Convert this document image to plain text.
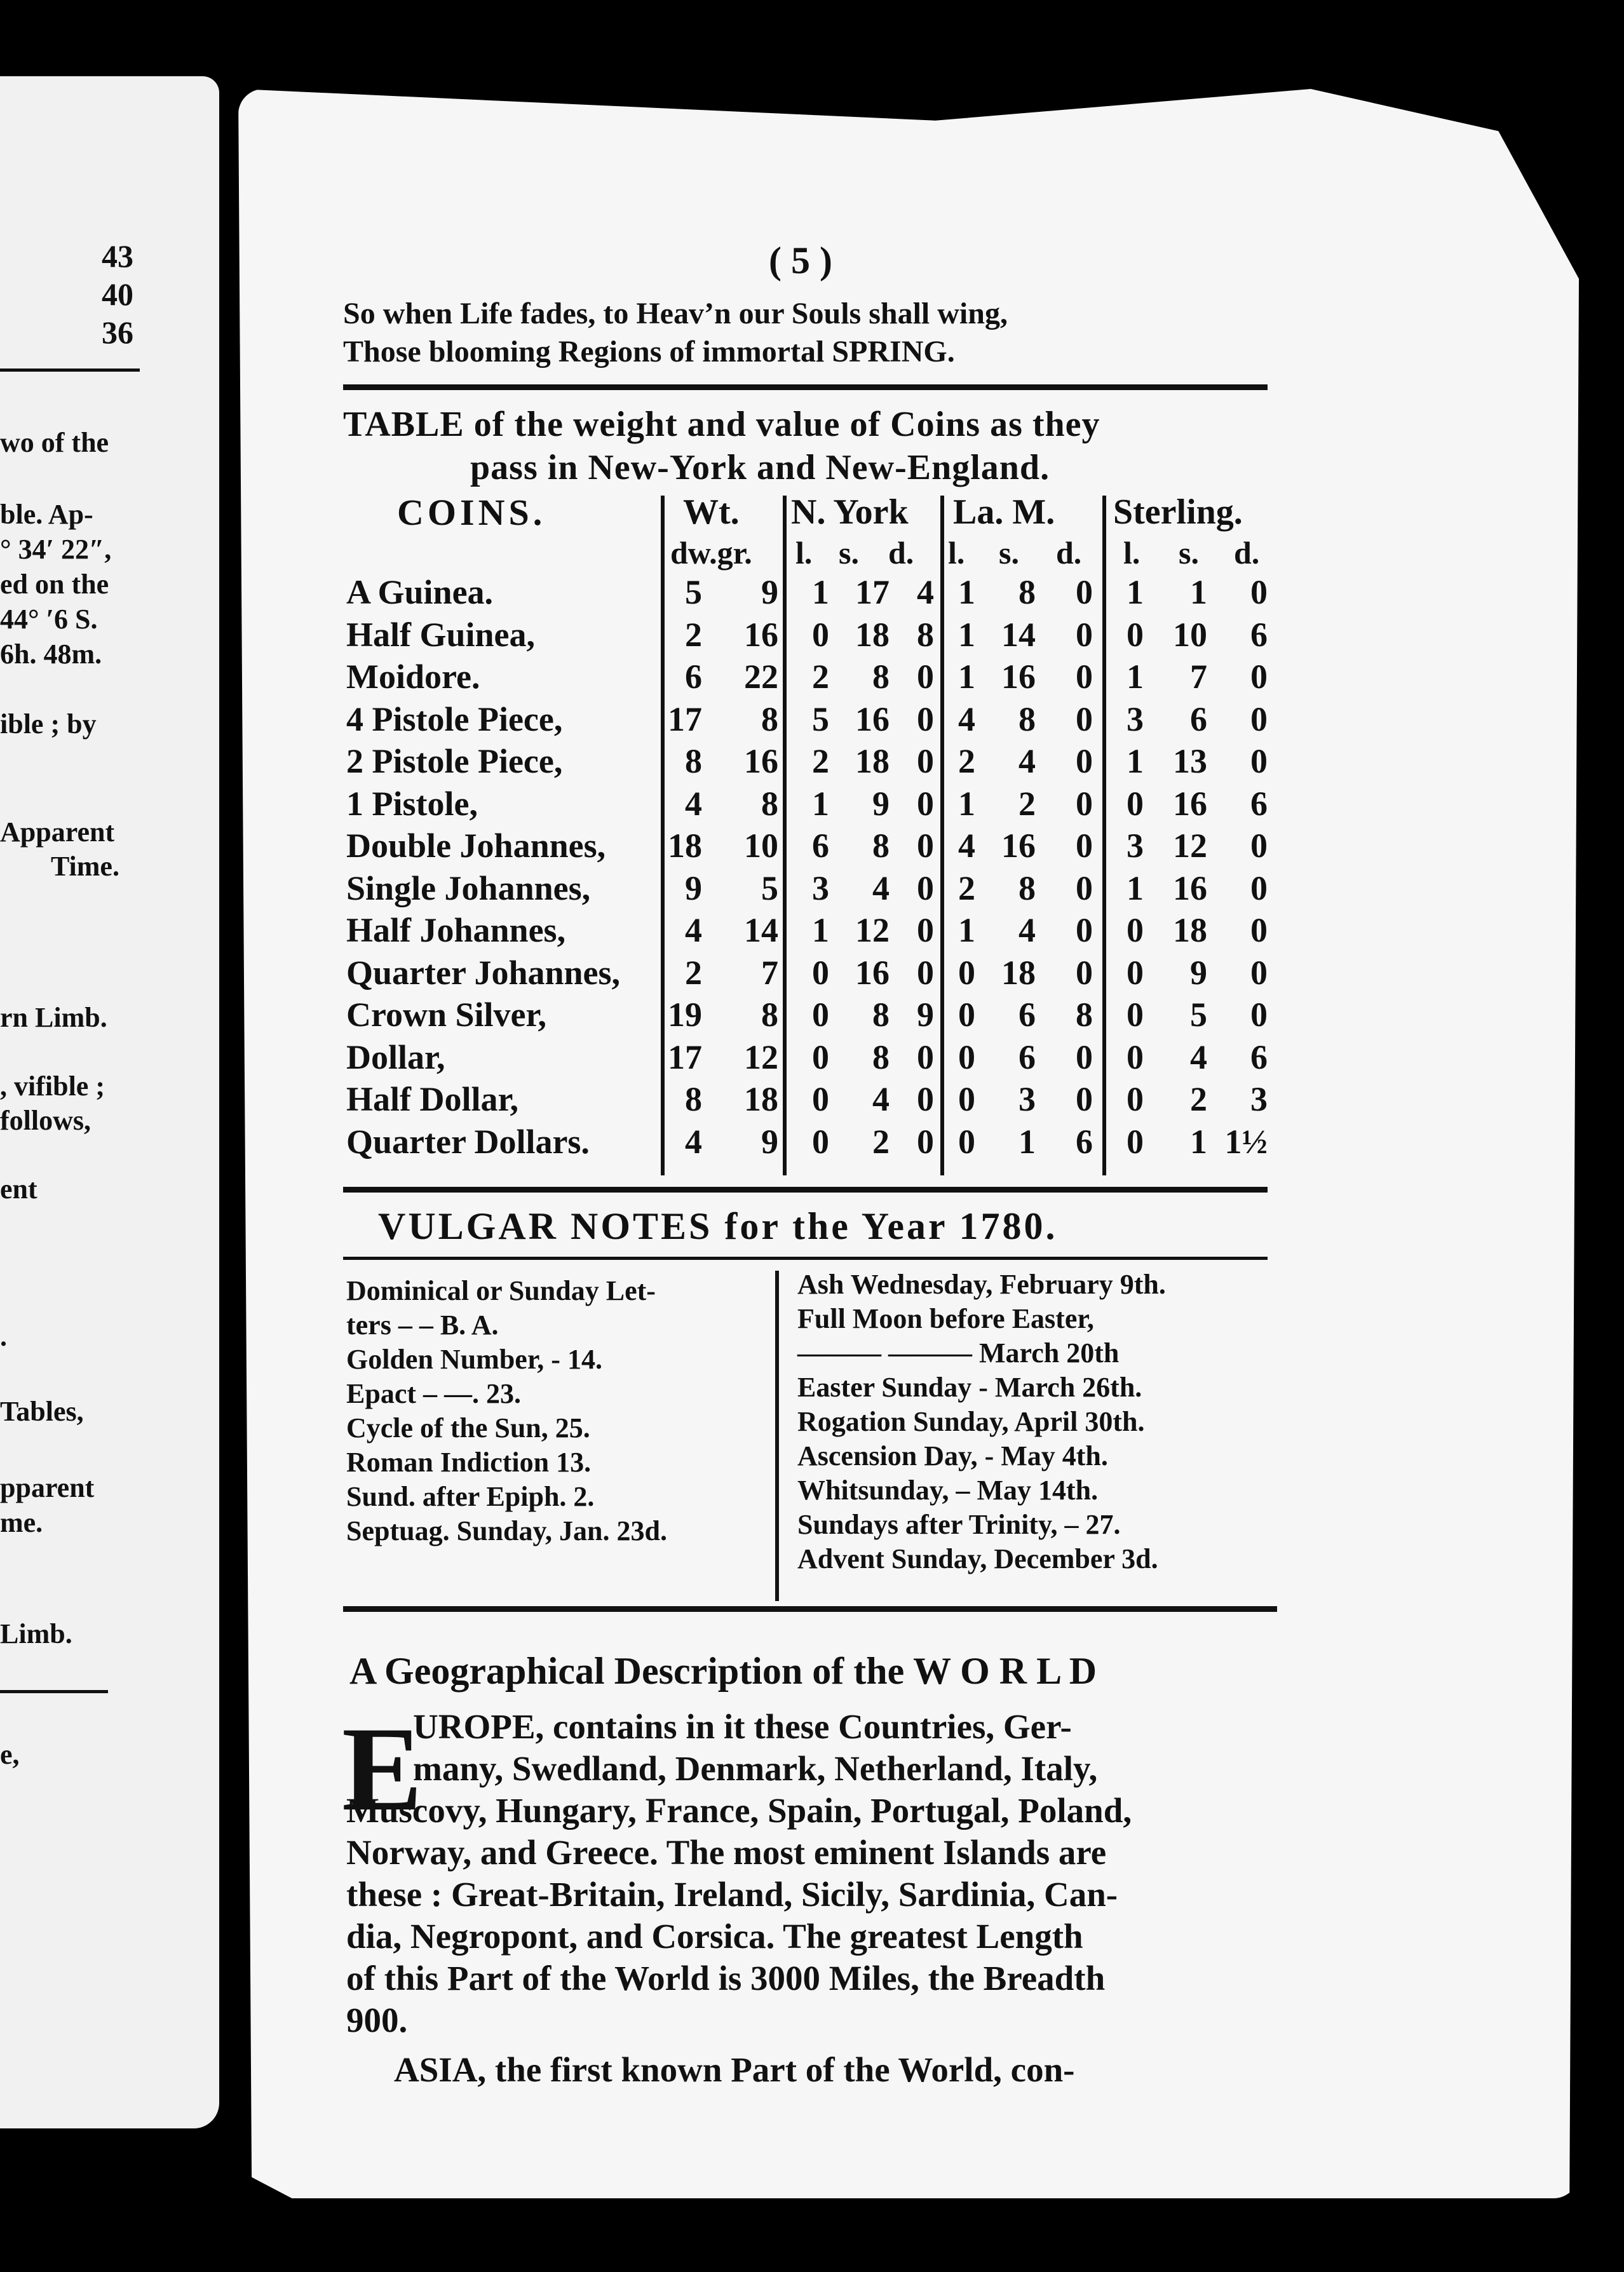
43
40
36
wo of the
ble. Ap-
° 34′ 22″,
ed on the
44° ′6 S.
6h. 48m.
ible ; by
Apparent
Time.
rn Limb.
, vifible ;
follows,
ent
.
Tables,
pparent
me.
Limb.
e,
( 5 )
So when Life fades, to Heav’n our Souls shall wing,
Those blooming Regions of immortal SPRING.
TABLE of the weight and value of Coins as they
pass in New-York and New-England.
COINS.	Wt. N. York La. M. Sterling.
dw.gr. l. s. d. l. s. d. l. s. d.
A Guinea.	5 9 1 17 4 1 8 0 1 1 0
Half Guinea,	2 16 0 18 8 1 14 0 0 10 6
Moidore.	6 22 2 8 0 1 16 0 1 7 0
4 Pistole Piece,	17 8 5 16 0 4 8 0 3 6 0
2 Pistole Piece,	8 16 2 18 0 2 4 0 1 13 0
1 Pistole,	4 8 1 9 0 1 2 0 0 16 6
Double Johannes, 18 10 6 8 0 4 16 0 3 12 0
Single Johannes,	9 5 3 4 0 2 8 0 1 16 0
Half Johannes,	4 14 1 12 0 1 4 0 0 18 0
Quarter Johannes, 2 7 0 16 0 0 18 0 0 9 0
Crown Silver,	19 8 0 8 9 0 6 8 0 5 0
Dollar,	17 12 0 8 0 0 6 0 0 4 6
Half Dollar,	8 18 0 4 0 0 3 0 0 2 3
Quarter Dollars.	4 9 0 2 0 0 1 6 0 1 1½
VULGAR NOTES for the Year 1780.
Dominical or Sunday Let-
ters – – B. A.
Golden Number, - 14.
Epact – —. 23.
Cycle of the Sun, 25.
Roman Indiction 13.
Sund. after Epiph. 2.
Septuag. Sunday, Jan. 23d.
Ash Wednesday, February 9th.
Full Moon before Easter,
——— ——— March 20th
Easter Sunday - March 26th.
Rogation Sunday, April 30th.
Ascension Day, - May 4th.
Whitsunday, – May 14th.
Sundays after Trinity, – 27.
Advent Sunday, December 3d.
A Geographical Description of the W O R L D
E
UROPE, contains in it these Countries, Ger-
many, Swedland, Denmark, Netherland, Italy,
Muscovy, Hungary, France, Spain, Portugal, Poland,
Norway, and Greece. The most eminent Islands are
these : Great-Britain, Ireland, Sicily, Sardinia, Can-
dia, Negropont, and Corsica. The greatest Length
of this Part of the World is 3000 Miles, the Breadth
900.
ASIA, the first known Part of the World, con-
